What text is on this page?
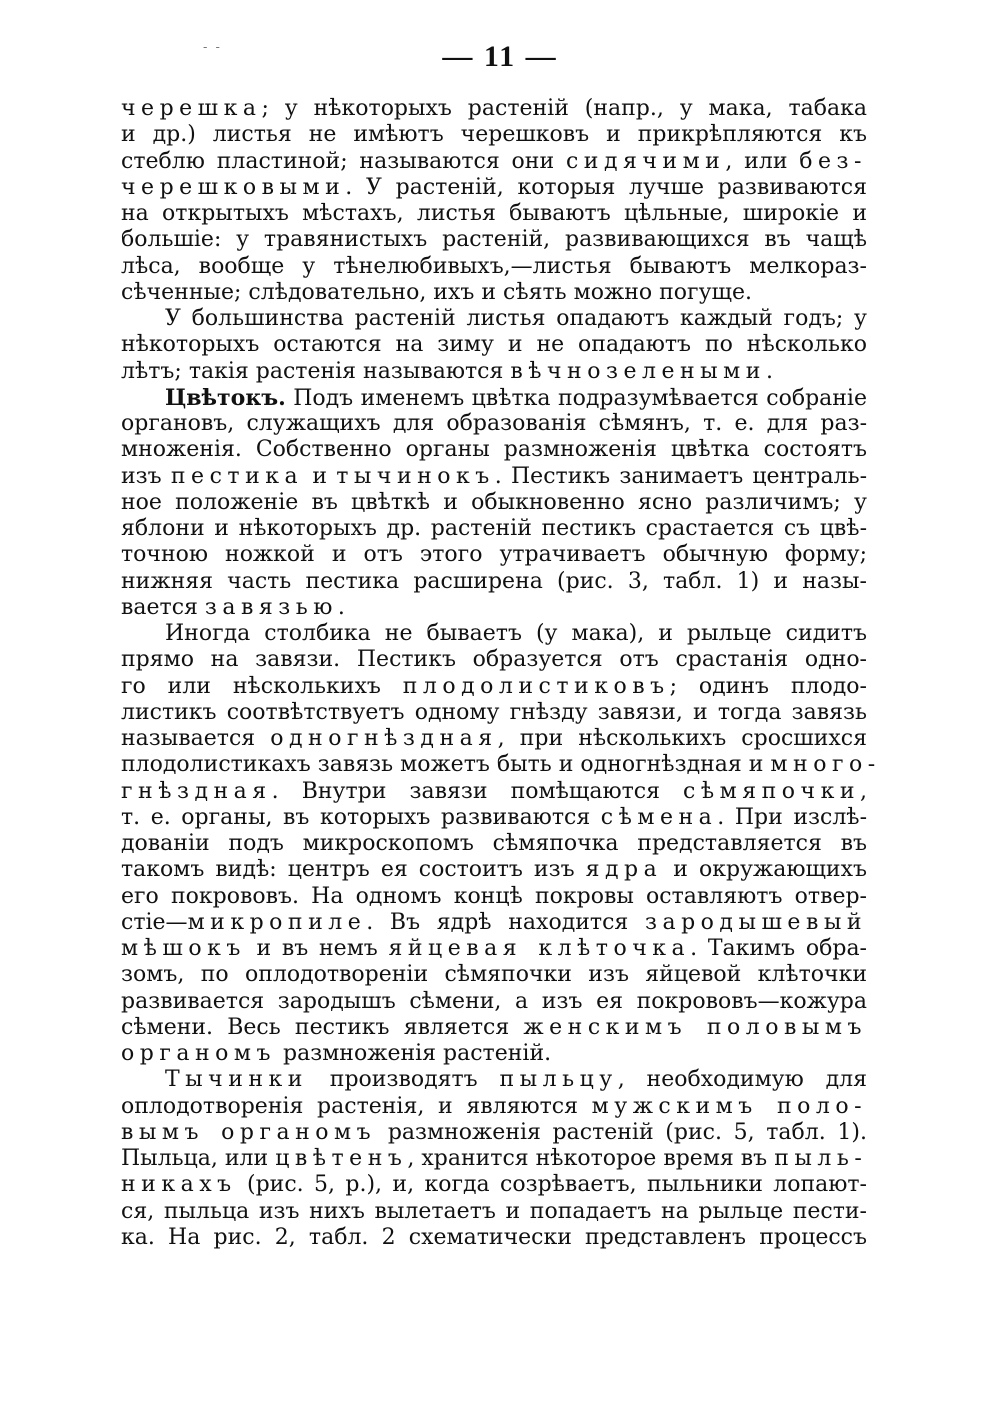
- -	— 11 —
черешка; у нѣкоторыхъ растеній (напр., у мака, табака
и др.) листья не имѣютъ черешковъ и прикрѣпляются къ
стеблю пластиной; называются они сидячими, или без-
черешковыми. У растеній, которыя лучше развиваются
на открытыхъ мѣстахъ, листья бываютъ цѣльные, широкіе и
большіе: у травянистыхъ растеній, развивающихся въ чащѣ
лѣса, вообще у тѣнелюбивыхъ,—листья бываютъ мелкораз-
сѣченные; слѣдовательно, ихъ и сѣять можно погуще.
У большинства растеній листья опадаютъ каждый годъ; у
нѣкоторыхъ остаются на зиму и не опадаютъ по нѣсколько
лѣтъ; такія растенія называются вѣчнозелеными.
Цвѣтокъ. Подъ именемъ цвѣтка подразумѣвается собраніе
органовъ, служащихъ для образованія сѣмянъ, т. е. для раз-
множенія. Собственно органы размноженія цвѣтка состоятъ
изъ пестика и тычинокъ. Пестикъ занимаетъ централь-
ное положеніе въ цвѣткѣ и обыкновенно ясно различимъ; у
яблони и нѣкоторыхъ др. растеній пестикъ срастается съ цвѣ-
точною ножкой и отъ этого утрачиваетъ обычную форму;
нижняя часть пестика расширена (рис. 3, табл. 1) и назы-
вается завязью.
Иногда столбика не бываетъ (у мака), и рыльце сидитъ
прямо на завязи. Пестикъ образуется отъ срастанія одно-
го или нѣсколькихъ плодолистиковъ; одинъ плодо-
листикъ соотвѣтствуетъ одному гнѣзду завязи, и тогда завязь
называется одногнѣздная, при нѣсколькихъ сросшихся
плодолистикахъ завязь можетъ быть и одногнѣздная и много-
гнѣздная. Внутри завязи помѣщаются сѣмяпочки,
т. е. органы, въ которыхъ развиваются сѣмена. При изслѣ-
дованіи подъ микроскопомъ сѣмяпочка представляется въ
такомъ видѣ: центръ ея состоитъ изъ ядра и окружающихъ
его покрововъ. На одномъ концѣ покровы оставляютъ отвер-
стіе—микропиле. Въ ядрѣ находится зародышевый
мѣшокъ и въ немъ яйцевая клѣточка. Такимъ обра-
зомъ, по оплодотвореніи сѣмяпочки изъ яйцевой клѣточки
развивается зародышъ сѣмени, а изъ ея покрововъ—кожура
сѣмени. Весь пестикъ является женскимъ половымъ
органомъ размноженія растеній.
Тычинки производятъ пыльцу, необходимую для
оплодотворенія растенія, и являются мужскимъ поло-
вымъ органомъ размноженія растеній (рис. 5, табл. 1).
Пыльца, или цвѣтенъ, хранится нѣкоторое время въ пыль-
никахъ (рис. 5, р.), и, когда созрѣваетъ, пыльники лопают-
ся, пыльца изъ нихъ вылетаетъ и попадаетъ на рыльце пести-
ка. На рис. 2, табл. 2 схематически представленъ процессъ
